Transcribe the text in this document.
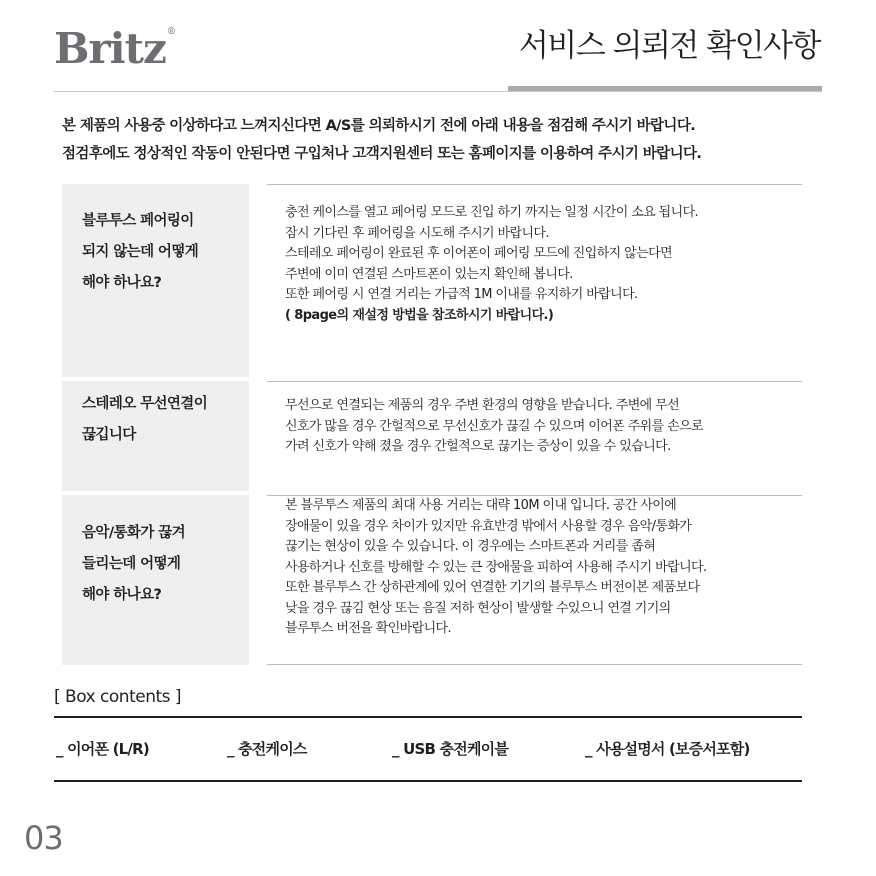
Britz®	서비스 의뢰전 확인사항
본 제품의 사용중 이상하다고 느껴지신다면 A/S를 의뢰하시기 전에 아래 내용을 점검해 주시기 바랍니다.
점검후에도 정상적인 작동이 안된다면 구입처나 고객지원센터 또는 홈페이지를 이용하여 주시기 바랍니다.
블루투스 페어링이
되지 않는데 어떻게
해야 하나요?

충전 케이스를 열고 페어링 모드로 진입 하기 까지는 일정 시간이 소요 됩니다.

잠시 기다린 후 페어링을 시도해 주시기 바랍니다.

스테레오 페어링이 완료된 후 이어폰이 페어링 모드에 진입하지 않는다면

주변에 이미 연결된 스마트폰이 있는지 확인해 봅니다.

또한 페어링 시 연결 거리는 가급적 1M 이내를 유지하기 바랍니다.

( 8page의 재설정 방법을 참조하시기 바랍니다.)

스테레오 무선연결이
끊깁니다

무선으로 연결되는 제품의 경우 주변 환경의 영향을 받습니다. 주변에 무선

신호가 많을 경우 간헐적으로 무선신호가 끊길 수 있으며 이어폰 주위를 손으로

가려 신호가 약해 졌을 경우 간헐적으로 끊기는 증상이 있을 수 있습니다.

음악/통화가 끊겨
들리는데 어떻게
해야 하나요?

본 블루투스 제품의 최대 사용 거리는 대략 10M 이내 입니다. 공간 사이에

장애물이 있을 경우 차이가 있지만 유효반경 밖에서 사용할 경우 음악/통화가

끊기는 현상이 있을 수 있습니다. 이 경우에는 스마트폰과 거리를 좁혀

사용하거나 신호를 방해할 수 있는 큰 장애물을 피하여 사용해 주시기 바랍니다.

또한 블루투스 간 상하관계에 있어 연결한 기기의 블루투스 버전이본 제품보다

낮을 경우 끊김 현상 또는 음질 저하 현상이 발생할 수있으니 연결 기기의

블루투스 버전을 확인바랍니다.

[ Box contents ]
_ 이어폰 (L/R)	_ 충전케이스	_ USB 충전케이블	_ 사용설명서 (보증서포함)
03
